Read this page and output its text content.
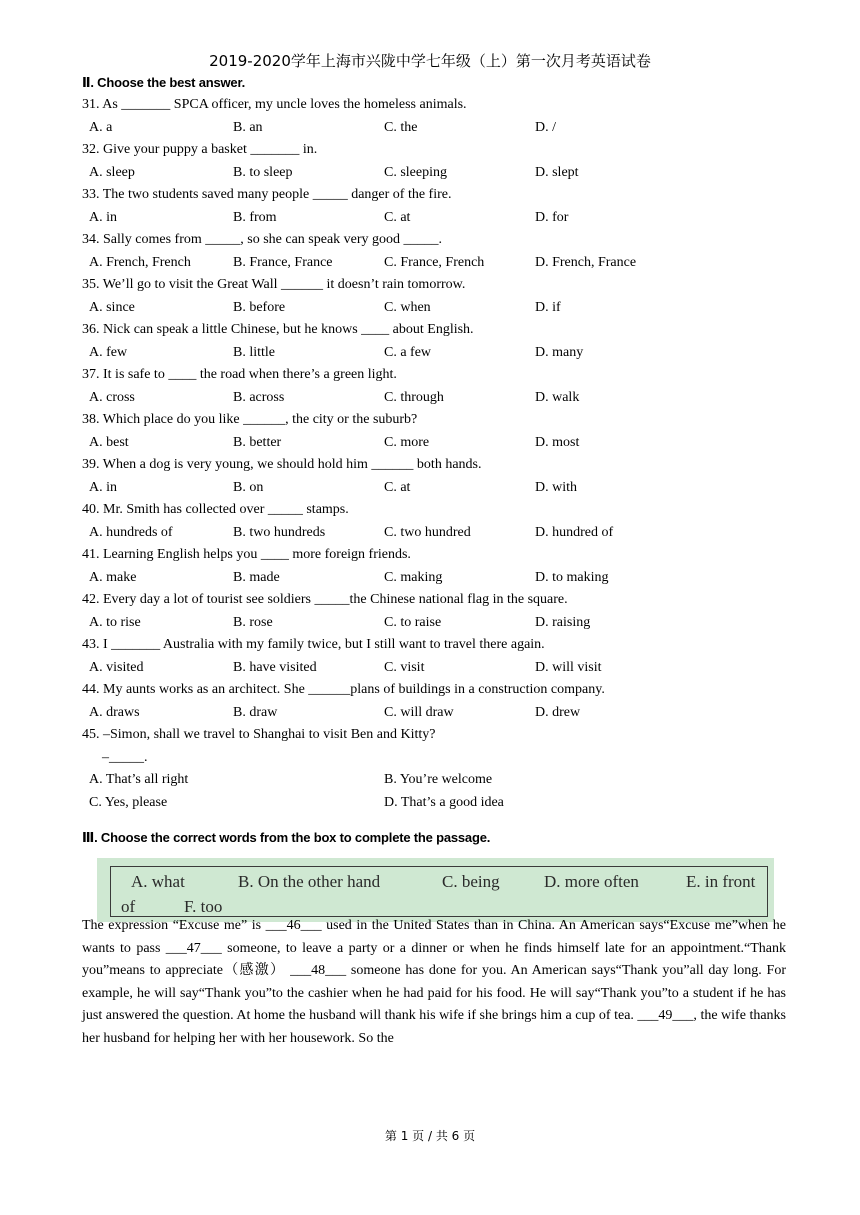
2019-2020学年上海市兴陇中学七年级（上）第一次月考英语试卷
Ⅱ. Choose the best answer.
31. As _______ SPCA officer, my uncle loves the homeless animals.
A. a	B. an	C. the	D. /
32. Give your puppy a basket _______ in.
A. sleep	B. to sleep	C. sleeping	D. slept
33. The two students saved many people _____ danger of the fire.
A. in	B. from	C. at	D. for
34. Sally comes from _____, so she can speak very good _____.
A. French, French	B. France, France	C. France, French	D. French, France
35. We’ll go to visit the Great Wall ______ it doesn’t rain tomorrow.
A. since	B. before	C. when	D. if
36. Nick can speak a little Chinese, but he knows ____ about English.
A. few	B. little	C. a few	D. many
37. It is safe to ____ the road when there’s a green light.
A. cross	B. across	C. through	D. walk
38. Which place do you like ______, the city or the suburb?
A. best	B. better	C. more	D. most
39. When a dog is very young, we should hold him ______ both hands.
A. in	B. on	C. at	D. with
40. Mr. Smith has collected over _____ stamps.
A. hundreds of	B. two hundreds	C. two hundred	D. hundred of
41. Learning English helps you ____ more foreign friends.
A. make	B. made	C. making	D. to making
42. Every day a lot of tourist see soldiers _____the Chinese national flag in the square.
A. to rise	B. rose	C. to raise	D. raising
43. I _______ Australia with my family twice, but I still want to travel there again.
A. visited	B. have visited	C. visit	D. will visit
44. My aunts works as an architect. She ______plans of buildings in a construction company.
A. draws	B. draw	C. will draw	D. drew
45. –Simon, shall we travel to Shanghai to visit Ben and Kitty?
–_____.
A. That’s all right	B. You’re welcome
C. Yes, please	D. That’s a good idea
Ⅲ. Choose the correct words from the box to complete the passage.
A. what	B. On the other hand	C. being	D. more often	E. in front
of	F. too
The expression “Excuse me” is ___46___ used in the United States than in China. An American says“Excuse me”when he wants to pass ___47___ someone, to leave a party or a dinner or when he finds himself late for an appointment.“Thank you”means to appreciate（感激） ___48___ someone has done for you. An American says“Thank you”all day long. For example, he will say“Thank you”to the cashier when he had paid for his food. He will say“Thank you”to a student if he has just answered the question. At home the husband will thank his wife if she brings him a cup of tea. ___49___, the wife thanks her husband for helping her with her housework. So the
第 1 页 / 共 6 页
